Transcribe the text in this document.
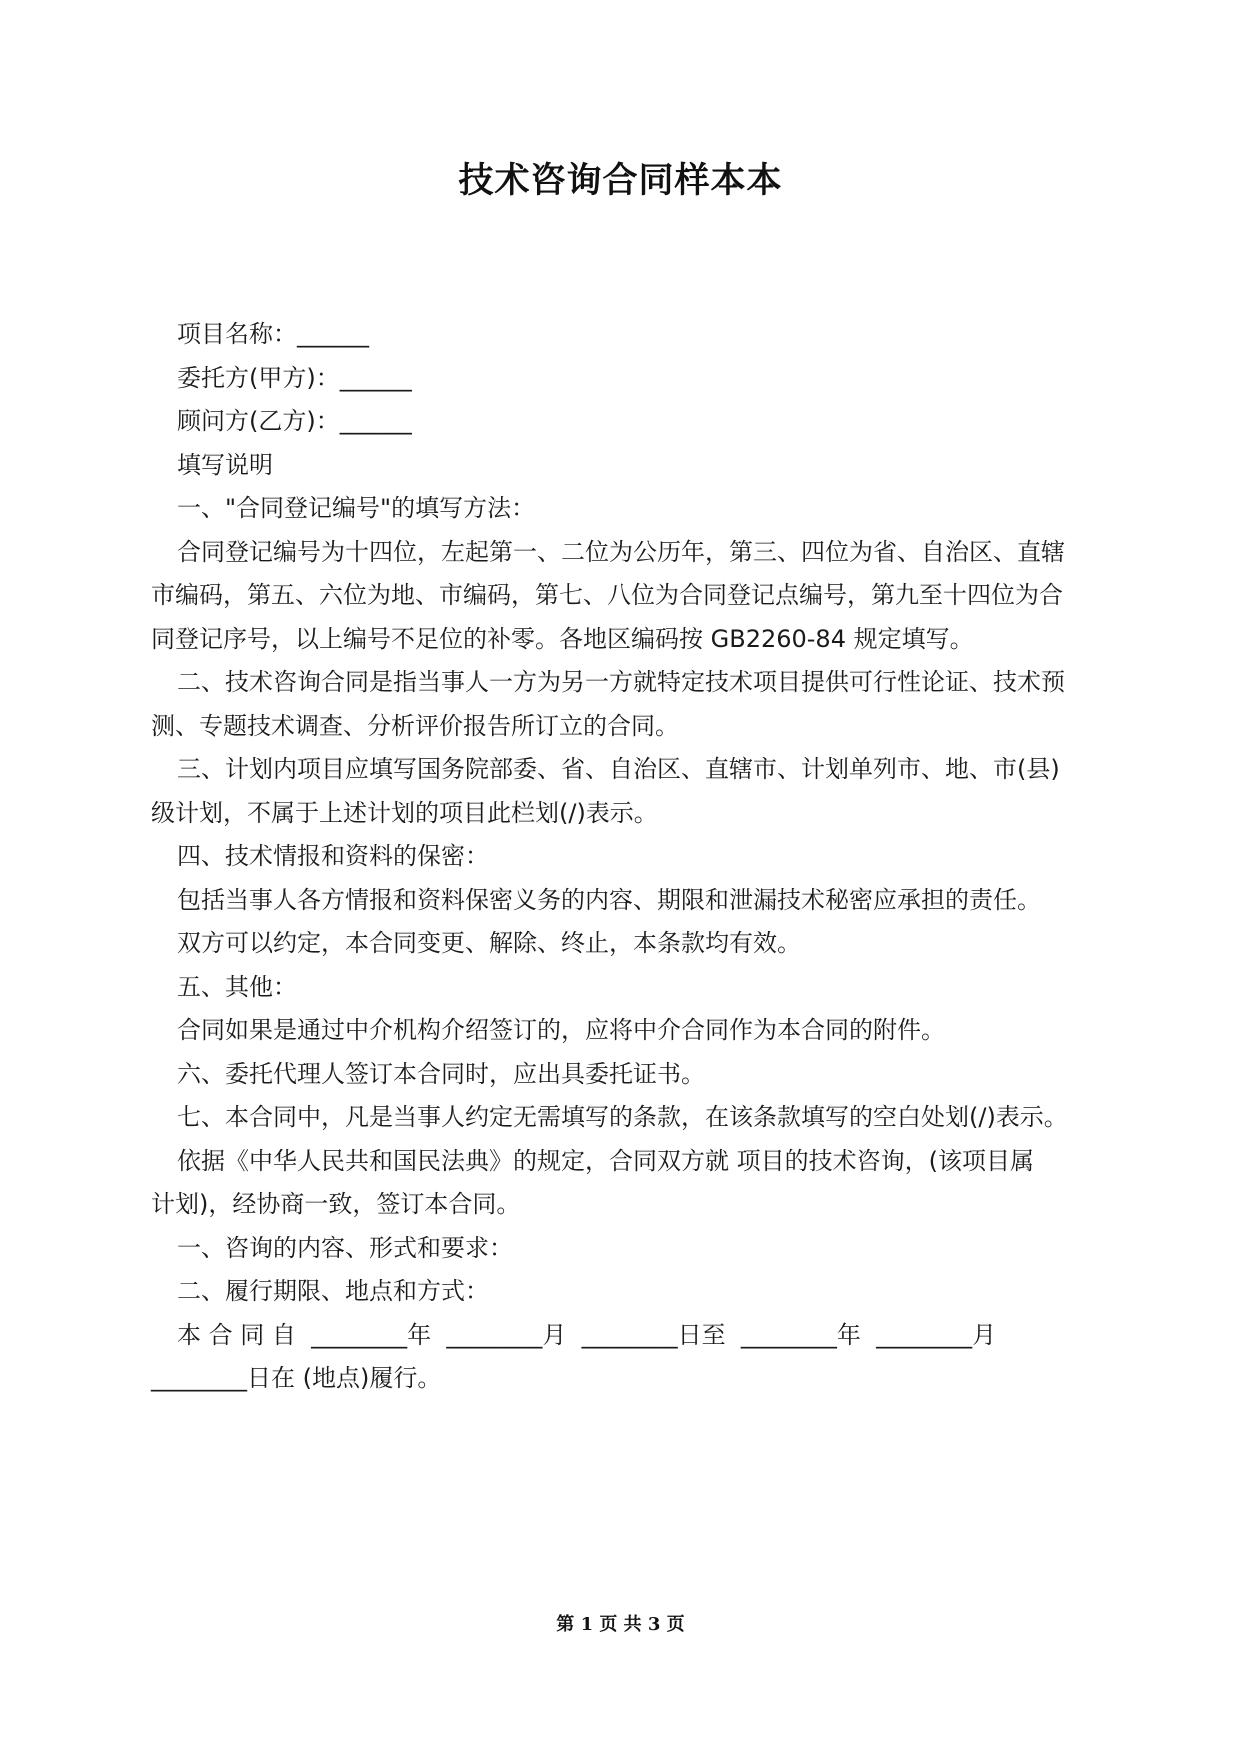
技术咨询合同样本本
项目名称：______
委托方(甲方)：______
顾问方(乙方)：______
填写说明
一、"合同登记编号"的填写方法：
合同登记编号为十四位，左起第一、二位为公历年，第三、四位为省、自治区、直辖
市编码，第五、六位为地、市编码，第七、八位为合同登记点编号，第九至十四位为合
同登记序号，以上编号不足位的补零。各地区编码按 GB2260-84 规定填写。
二、技术咨询合同是指当事人一方为另一方就特定技术项目提供可行性论证、技术预
测、专题技术调查、分析评价报告所订立的合同。
三、计划内项目应填写国务院部委、省、自治区、直辖市、计划单列市、地、市(县)
级计划，不属于上述计划的项目此栏划(/)表示。
四、技术情报和资料的保密：
包括当事人各方情报和资料保密义务的内容、期限和泄漏技术秘密应承担的责任。
双方可以约定，本合同变更、解除、终止，本条款均有效。
五、其他：
合同如果是通过中介机构介绍签订的，应将中介合同作为本合同的附件。
六、委托代理人签订本合同时，应出具委托证书。
七、本合同中，凡是当事人约定无需填写的条款，在该条款填写的空白处划(/)表示。
依据《中华人民共和国民法典》的规定，合同双方就 项目的技术咨询，(该项目属
计划)，经协商一致，签订本合同。
一、咨询的内容、形式和要求：
二、履行期限、地点和方式：
本 合 同 自  ________年  ________月  ________日至  ________年  ________月
________日在 (地点)履行。
第 1 页 共 3 页
